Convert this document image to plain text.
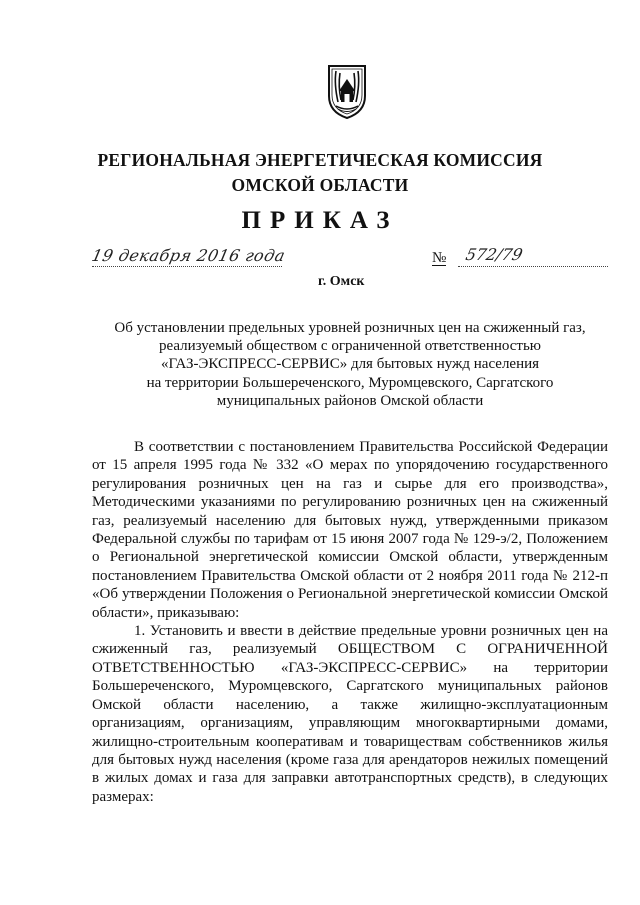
РЕГИОНАЛЬНАЯ ЭНЕРГЕТИЧЕСКАЯ КОМИССИЯ
ОМСКОЙ ОБЛАСТИ
ПРИКАЗ
19 декабря 2016 года	№ 572/79
г. Омск
Об установлении предельных уровней розничных цен на сжиженный газ,
реализуемый обществом с ограниченной ответственностью
«ГАЗ-ЭКСПРЕСС-СЕРВИС» для бытовых нужд населения
на территории Большереченского, Муромцевского, Саргатского
муниципальных районов Омской области

В соответствии с постановлением Правительства Российской Федерации от 15 апреля 1995 года № 332 «О мерах по упорядочению государственного регулирования розничных цен на газ и сырье для его производства», Методическими указаниями по регулированию розничных цен на сжиженный газ, реализуемый населению для бытовых нужд, утвержденными приказом Федеральной службы по тарифам от 15 июня 2007 года № 129-э/2, Положением о Региональной энергетической комиссии Омской области, утвержденным постановлением Правительства Омской области от 2 ноября 2011 года № 212-п «Об утверждении Положения о Региональной энергетической комиссии Омской области», приказываю:

1. Установить и ввести в действие предельные уровни розничных цен на сжиженный газ, реализуемый ОБЩЕСТВОМ С ОГРАНИЧЕННОЙ ОТВЕТСТВЕННОСТЬЮ «ГАЗ-ЭКСПРЕСС-СЕРВИС» на территории Большереченского, Муромцевского, Саргатского муниципальных районов Омской области населению, а также жилищно-эксплуатационным организациям, организациям, управляющим многоквартирными домами, жилищно-строительным кооперативам и товариществам собственников жилья для бытовых нужд населения (кроме газа для арендаторов нежилых помещений в жилых домах и газа для заправки автотранспортных средств), в следующих размерах:
